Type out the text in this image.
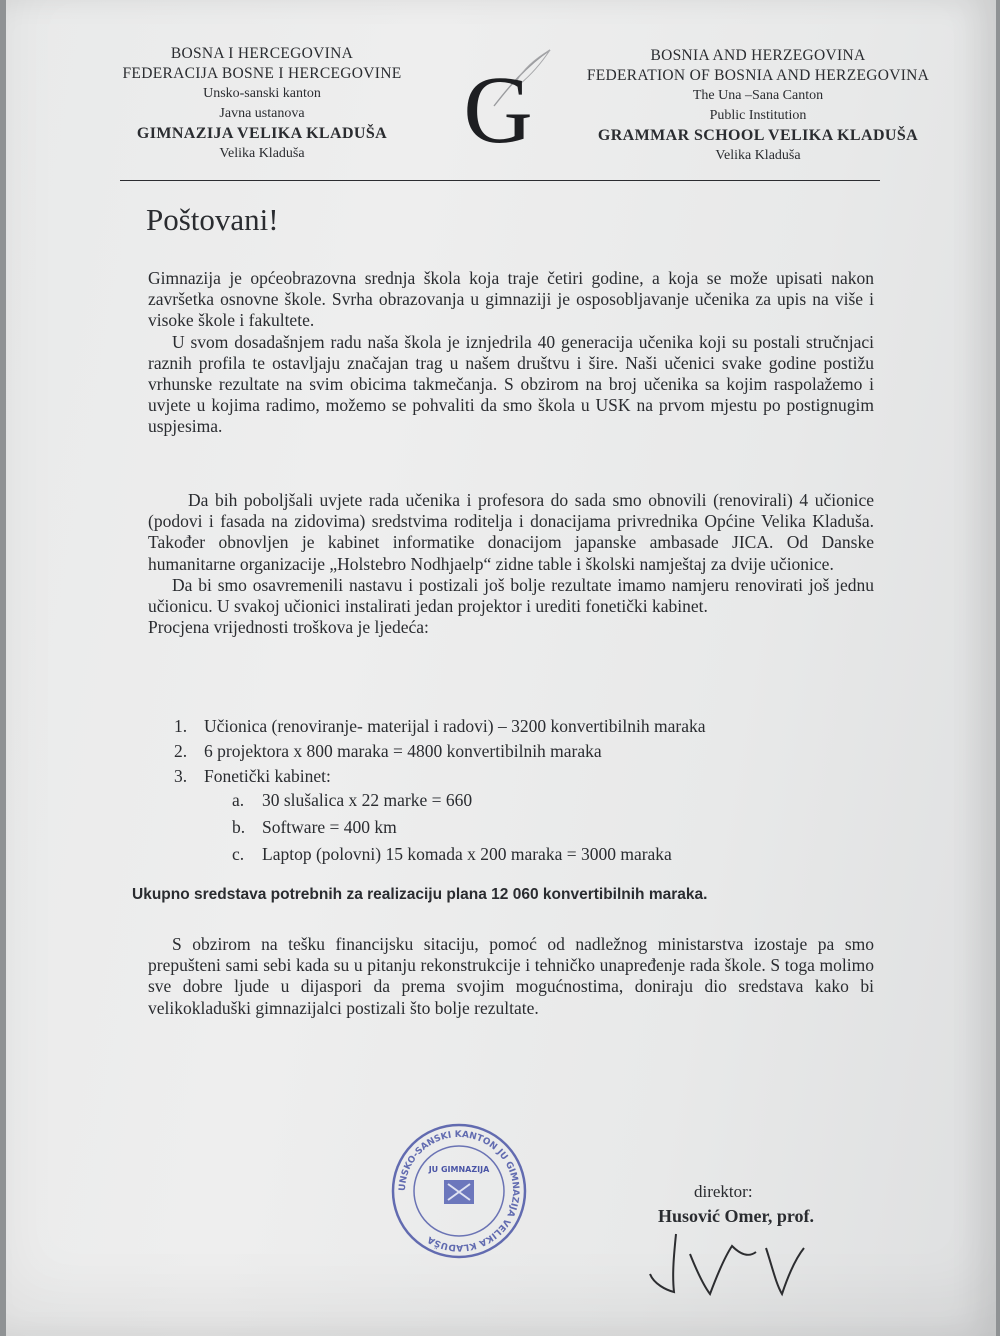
BOSNA I HERCEGOVINA
FEDERACIJA BOSNE I HERCEGOVINE
Unsko-sanski kanton
Javna ustanova
GIMNAZIJA VELIKA KLADUŠA
Velika Kladuša	G
BOSNIA AND HERZEGOVINA
FEDERATION OF BOSNIA AND HERZEGOVINA
The Una –Sana Canton
Public Institution
GRAMMAR SCHOOL VELIKA KLADUŠA
Velika Kladuša
Poštovani!

Gimnazija je općeobrazovna srednja škola koja traje četiri godine, a koja se može upisati nakon završetka osnovne škole. Svrha obrazovanja u gimnaziji je osposobljavanje učenika za upis na više i visoke škole i fakultete.

U svom dosadašnjem radu naša škola je iznjedrila 40 generacija učenika koji su postali stručnjaci raznih profila te ostavljaju značajan trag u našem društvu i šire. Naši učenici svake godine postižu vrhunske rezultate na svim obicima takmečanja. S obzirom na broj učenika sa kojim raspolažemo i uvjete u kojima radimo, možemo se pohvaliti da smo škola u USK na prvom mjestu po postignugim uspjesima.

Da bih poboljšali uvjete rada učenika i profesora do sada smo obnovili (renovirali) 4 učionice (podovi i fasada na zidovima) sredstvima roditelja i donacijama privrednika Općine Velika Kladuša. Također obnovljen je kabinet informatike donacijom japanske ambasade JICA. Od Danske humanitarne organizacije „Holstebro Nodhjaelp“ zidne table i školski namještaj za dvije učionice.

Da bi smo osavremenili nastavu i postizali još bolje rezultate imamo namjeru renovirati još jednu učionicu. U svakoj učionici instalirati jedan projektor i urediti fonetički kabinet.

Procjena vrijednosti troškova je ljedeća:

1. Učionica (renoviranje- materijal i radovi) – 3200 konvertibilnih maraka
2. 6 projektora x 800 maraka = 4800 konvertibilnih maraka
3. Fonetički kabinet:
a. 30 slušalica x 22 marke = 660
b. Software = 400 km
c. Laptop (polovni) 15 komada x 200 maraka = 3000 maraka
Ukupno sredstava potrebnih za realizaciju plana 12 060 konvertibilnih maraka.

S obzirom na tešku financijsku sitaciju, pomoć od nadležnog ministarstva izostaje pa smo prepušteni sami sebi kada su u pitanju rekonstrukcije i tehničko unapređenje rada škole. S toga molimo sve dobre ljude u dijaspori da prema svojim mogućnostima, doniraju dio sredstava kako bi velikokladuški gimnazijalci postizali što bolje rezultate.

UNSKO-SANSKI KANTON JU GIMNAZIJA VELIKA KLADUŠA
JU GIMNAZIJA
direktor:
Husović Omer, prof.
